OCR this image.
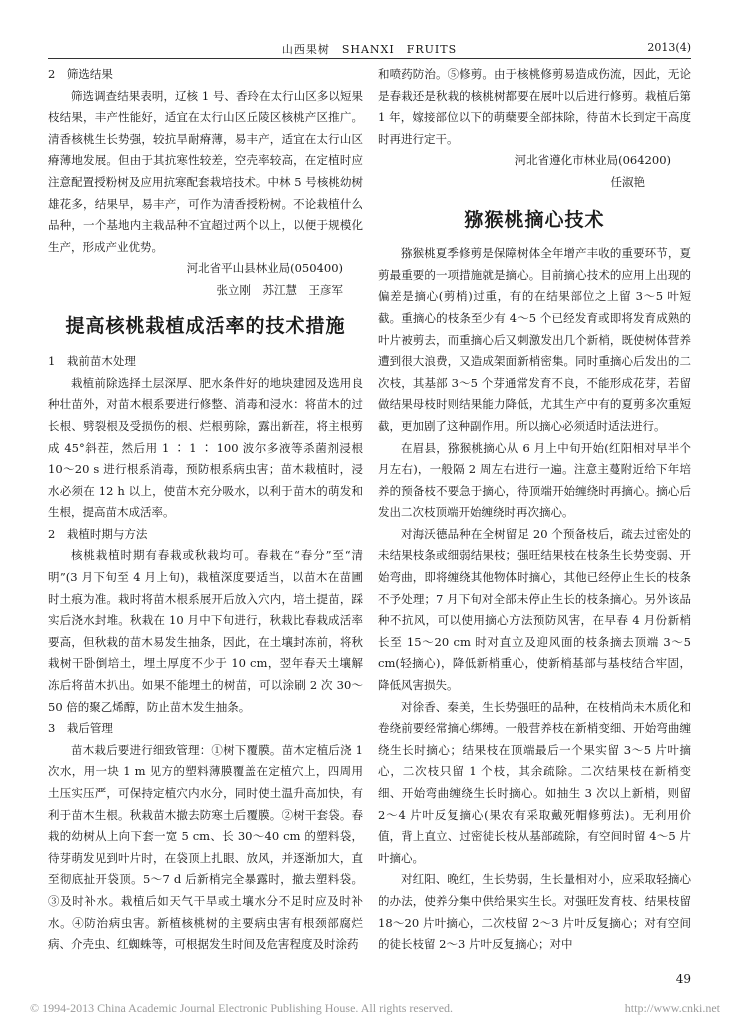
山西果树　SHANXI　FRUITS	2013(4)
2　筛选结果

筛选调查结果表明，辽核 1 号、香玲在太行山区多以短果枝结果，丰产性能好，适宜在太行山区丘陵区核桃产区推广。清香核桃生长势强，较抗旱耐瘠薄，易丰产，适宜在太行山区瘠薄地发展。但由于其抗寒性较差，空壳率较高，在定植时应注意配置授粉树及应用抗寒配套栽培技术。中林 5 号核桃幼树雄花多，结果早，易丰产，可作为清香授粉树。不论栽植什么品种，一个基地内主栽品种不宜超过两个以上，以便于规模化生产，形成产业优势。

河北省平山县林业局(050400)
张立刚　苏江慧　王彦军
提高核桃栽植成活率的技术措施
1　栽前苗木处理

栽植前除选择土层深厚、肥水条件好的地块建园及选用良种壮苗外，对苗木根系要进行修整、消毒和浸水：将苗木的过长根、劈裂根及受损伤的根、烂根剪除，露出新茬，将主根剪成 45°斜茬，然后用 1 ∶ 1 ∶ 100 波尔多液等杀菌剂浸根 10～20 s 进行根系消毒，预防根系病虫害；苗木栽植时，浸水必须在 12 h 以上，使苗木充分吸水，以利于苗木的萌发和生根，提高苗木成活率。

2　栽植时期与方法

核桃栽植时期有春栽或秋栽均可。春栽在“春分”至“清明”(3 月下旬至 4 月上旬)，栽植深度要适当，以苗木在苗圃时土痕为准。栽时将苗木根系展开后放入穴内，培土提苗，踩实后浇水封堆。秋栽在 10 月中下旬进行，秋栽比春栽成活率要高，但秋栽的苗木易发生抽条，因此，在土壤封冻前，将秋栽树干卧倒培土，埋土厚度不少于 10 cm，翌年春天土壤解冻后将苗木扒出。如果不能埋土的树苗，可以涂刷 2 次 30～50 倍的聚乙烯醇，防止苗木发生抽条。

3　栽后管理

苗木栽后要进行细致管理：①树下覆膜。苗木定植后浇 1 次水，用一块 1 m 见方的塑料薄膜覆盖在定植穴上，四周用土压实压严，可保持定植穴内水分，同时使土温升高加快，有利于苗木生根。秋栽苗木撤去防寒土后覆膜。②树干套袋。春栽的幼树从上向下套一宽 5 cm、长 30～40 cm 的塑料袋，待芽萌发见到叶片时，在袋顶上扎眼、放风，并逐渐加大，直至彻底扯开袋顶。5～7 d 后新梢完全暴露时，撤去塑料袋。③及时补水。栽植后如天气干旱或土壤水分不足时应及时补水。④防治病虫害。新植核桃树的主要病虫害有根颈部腐烂病、介壳虫、红蜘蛛等，可根据发生时间及危害程度及时涂药

和喷药防治。⑤修剪。由于核桃修剪易造成伤流，因此，无论是春栽还是秋栽的核桃树都要在展叶以后进行修剪。栽植后第 1 年，嫁接部位以下的萌蘖要全部抹除，待苗木长到定干高度时再进行定干。

河北省遵化市林业局(064200)
任淑艳
猕猴桃摘心技术

猕猴桃夏季修剪是保障树体全年增产丰收的重要环节，夏剪最重要的一项措施就是摘心。目前摘心技术的应用上出现的偏差是摘心(剪梢)过重，有的在结果部位之上留 3～5 叶短截。重摘心的枝条至少有 4～5 个已经发育或即将发育成熟的叶片被剪去，而重摘心后又刺激发出几个新梢，既使树体营养遭到很大浪费，又造成架面新梢密集。同时重摘心后发出的二次枝，其基部 3～5 个芽通常发育不良，不能形成花芽，若留做结果母枝时则结果能力降低，尤其生产中有的夏剪多次重短截，更加剧了这种副作用。所以摘心必须适时适法进行。

在眉县，猕猴桃摘心从 6 月上中旬开始(红阳相对早半个月左右)，一般隔 2 周左右进行一遍。注意主蔓附近给下年培养的预备枝不要急于摘心，待顶端开始缠绕时再摘心。摘心后发出二次枝顶端开始缠绕时再次摘心。

对海沃德品种在全树留足 20 个预备枝后，疏去过密处的未结果枝条或细弱结果枝；强旺结果枝在枝条生长势变弱、开始弯曲，即将缠绕其他物体时摘心，其他已经停止生长的枝条不予处理；7 月下旬对全部未停止生长的枝条摘心。另外该品种不抗风，可以使用摘心方法预防风害，在早春 4 月份新梢长至 15～20 cm 时对直立及迎风面的枝条摘去顶端 3～5 cm(轻摘心)，降低新梢重心，使新梢基部与基枝结合牢固，降低风害损失。

对徐香、秦美，生长势强旺的品种，在枝梢尚未木质化和卷绕前要经常摘心绑缚。一般营养枝在新梢变细、开始弯曲缠绕生长时摘心；结果枝在顶端最后一个果实留 3～5 片叶摘心，二次枝只留 1 个枝，其余疏除。二次结果枝在新梢变细、开始弯曲缠绕生长时摘心。如抽生 3 次以上新梢，则留 2～4 片叶反复摘心(果农有采取戴死帽修剪法)。无利用价值，背上直立、过密徒长枝从基部疏除，有空间时留 4～5 片叶摘心。

对红阳、晚红，生长势弱，生长量相对小，应采取轻摘心的办法，使养分集中供给果实生长。对强旺发育枝、结果枝留 18～20 片叶摘心，二次枝留 2～3 片叶反复摘心；对有空间的徒长枝留 2～3 片叶反复摘心；对中

49
© 1994-2013 China Academic Journal Electronic Publishing House. All rights reserved.	http://www.cnki.net
